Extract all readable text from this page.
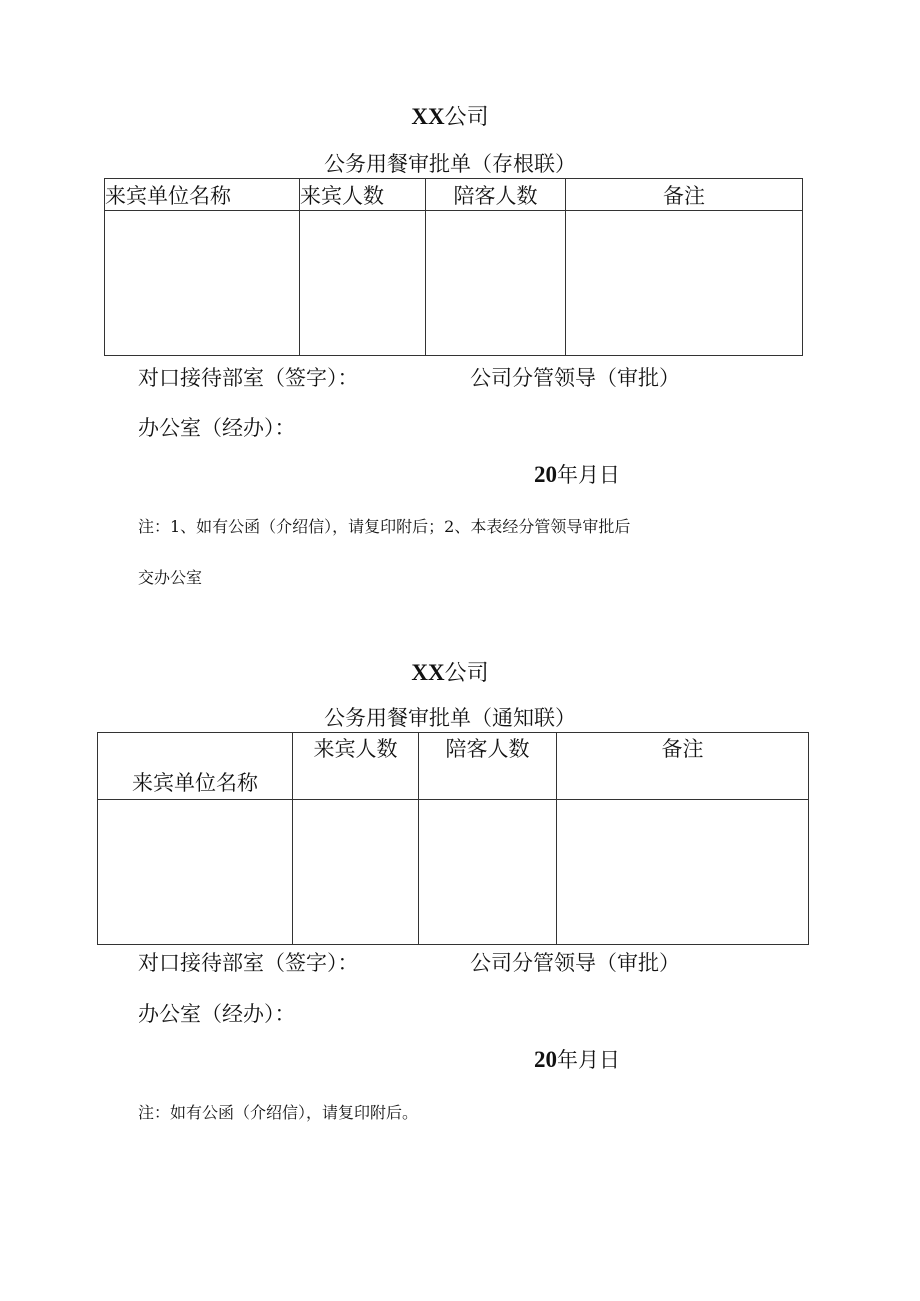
XX公司
公务用餐审批单（存根联）
来宾单位名称	来宾人数	陪客人数	备注

对口接待部室（签字）：	公司分管领导（审批）
办公室（经办）：
20年月日
注：1、如有公函（介绍信），请复印附后；2、本表经分管领导审批后
交办公室
XX公司
公务用餐审批单（通知联）
来宾单位名称	来宾人数	陪客人数	备注

对口接待部室（签字）：	公司分管领导（审批）
办公室（经办）：
20年月日
注：如有公函（介绍信），请复印附后。
